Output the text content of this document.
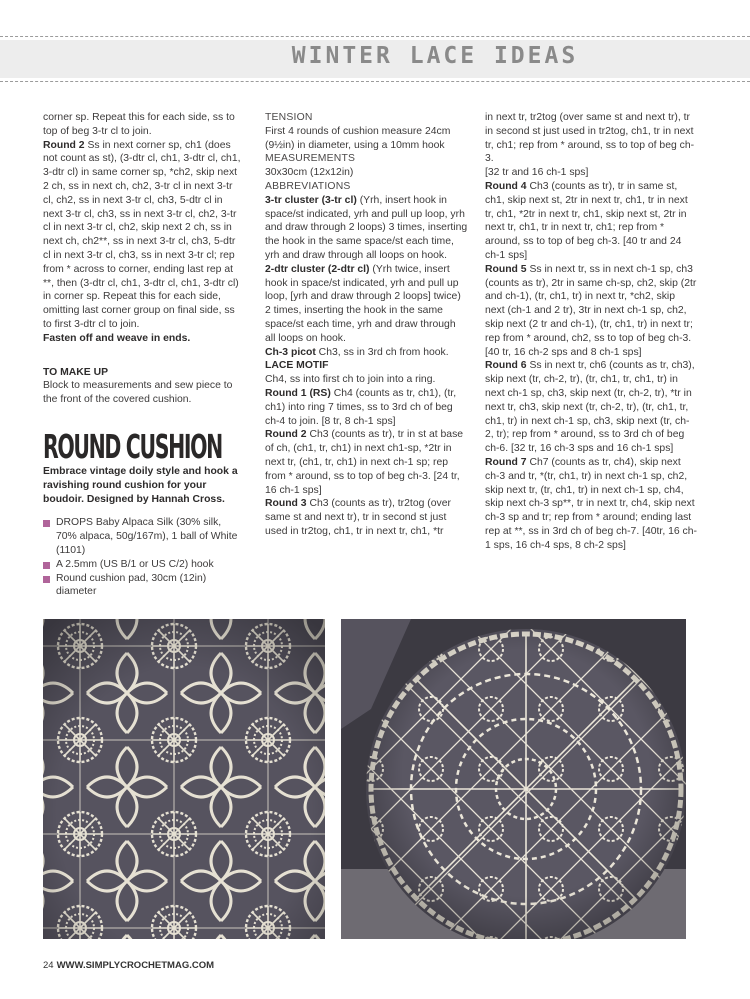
WINTER LACE IDEAS

corner sp. Repeat this for each side, ss to top of beg 3-tr cl to join.

Round 2 Ss in next corner sp, ch1 (does not count as st), (3-dtr cl, ch1, 3-dtr cl, ch1, 3-dtr cl) in same corner sp, *ch2, skip next 2 ch, ss in next ch, ch2, 3-tr cl in next 3-tr cl, ch2, ss in next 3-tr cl, ch3, 5-dtr cl in next 3-tr cl, ch3, ss in next 3-tr cl, ch2, 3-tr cl in next 3-tr cl, ch2, skip next 2 ch, ss in next ch, ch2**, ss in next 3-tr cl, ch3, 5-dtr cl in next 3-tr cl, ch3, ss in next 3-tr cl; rep from * across to corner, ending last rep at **, then (3-dtr cl, ch1, 3-dtr cl, ch1, 3-dtr cl) in corner sp. Repeat this for each side, omitting last corner group on final side, ss to first 3-dtr cl to join.

Fasten off and weave in ends.

TO MAKE UP

Block to measurements and sew piece to the front of the covered cushion.

ROUND CUSHION

Embrace vintage doily style and hook a ravishing round cushion for your boudoir. Designed by Hannah Cross.

DROPS Baby Alpaca Silk (30% silk, 70% alpaca, 50g/167m), 1 ball of White (1101)

A 2.5mm (US B/1 or US C/2) hook

Round cushion pad, 30cm (12in) diameter

TENSION

First 4 rounds of cushion measure 24cm (9½in) in diameter, using a 10mm hook

MEASUREMENTS

30x30cm (12x12in)

ABBREVIATIONS

3-tr cluster (3-tr cl) (Yrh, insert hook in space/st indicated, yrh and pull up loop, yrh and draw through 2 loops) 3 times, inserting the hook in the same space/st each time, yrh and draw through all loops on hook.

2-dtr cluster (2-dtr cl) (Yrh twice, insert hook in space/st indicated, yrh and pull up loop, [yrh and draw through 2 loops] twice) 2 times, inserting the hook in the same space/st each time, yrh and draw through all loops on hook.

Ch-3 picot Ch3, ss in 3rd ch from hook.

LACE MOTIF

Ch4, ss into first ch to join into a ring.

Round 1 (RS) Ch4 (counts as tr, ch1), (tr, ch1) into ring 7 times, ss to 3rd ch of beg ch-4 to join. [8 tr, 8 ch-1 sps]

Round 2 Ch3 (counts as tr), tr in st at base of ch, (ch1, tr, ch1) in next ch1-sp, *2tr in next tr, (ch1, tr, ch1) in next ch-1 sp; rep from * around, ss to top of beg ch-3. [24 tr, 16 ch-1 sps]

Round 3 Ch3 (counts as tr), tr2tog (over same st and next tr), tr in second st just used in tr2tog, ch1, tr in next tr, ch1, *tr

in next tr, tr2tog (over same st and next tr), tr in second st just used in tr2tog, ch1, tr in next tr, ch1; rep from * around, ss to top of beg ch-3.

[32 tr and 16 ch-1 sps]

Round 4 Ch3 (counts as tr), tr in same st, ch1, skip next st, 2tr in next tr, ch1, tr in next tr, ch1, *2tr in next tr, ch1, skip next st, 2tr in next tr, ch1, tr in next tr, ch1; rep from * around, ss to top of beg ch-3. [40 tr and 24 ch-1 sps]

Round 5 Ss in next tr, ss in next ch-1 sp, ch3 (counts as tr), 2tr in same ch-sp, ch2, skip (2tr and ch-1), (tr, ch1, tr) in next tr, *ch2, skip next (ch-1 and 2 tr), 3tr in next ch-1 sp, ch2, skip next (2 tr and ch-1), (tr, ch1, tr) in next tr; rep from * around, ch2, ss to top of beg ch-3. [40 tr, 16 ch-2 sps and 8 ch-1 sps]

Round 6 Ss in next tr, ch6 (counts as tr, ch3), skip next (tr, ch-2, tr), (tr, ch1, tr, ch1, tr) in next ch-1 sp, ch3, skip next (tr, ch-2, tr), *tr in next tr, ch3, skip next (tr, ch-2, tr), (tr, ch1, tr, ch1, tr) in next ch-1 sp, ch3, skip next (tr, ch-2, tr); rep from * around, ss to 3rd ch of beg ch-6. [32 tr, 16 ch-3 sps and 16 ch-1 sps]

Round 7 Ch7 (counts as tr, ch4), skip next ch-3 and tr, *(tr, ch1, tr) in next ch-1 sp, ch2, skip next tr, (tr, ch1, tr) in next ch-1 sp, ch4, skip next ch-3 sp**, tr in next tr, ch4, skip next ch-3 sp and tr; rep from * around; ending last rep at **, ss in 3rd ch of beg ch-7. [40tr, 16 ch-1 sps, 16 ch-4 sps, 8 ch-2 sps]

24 WWW.SIMPLYCROCHETMAG.COM
